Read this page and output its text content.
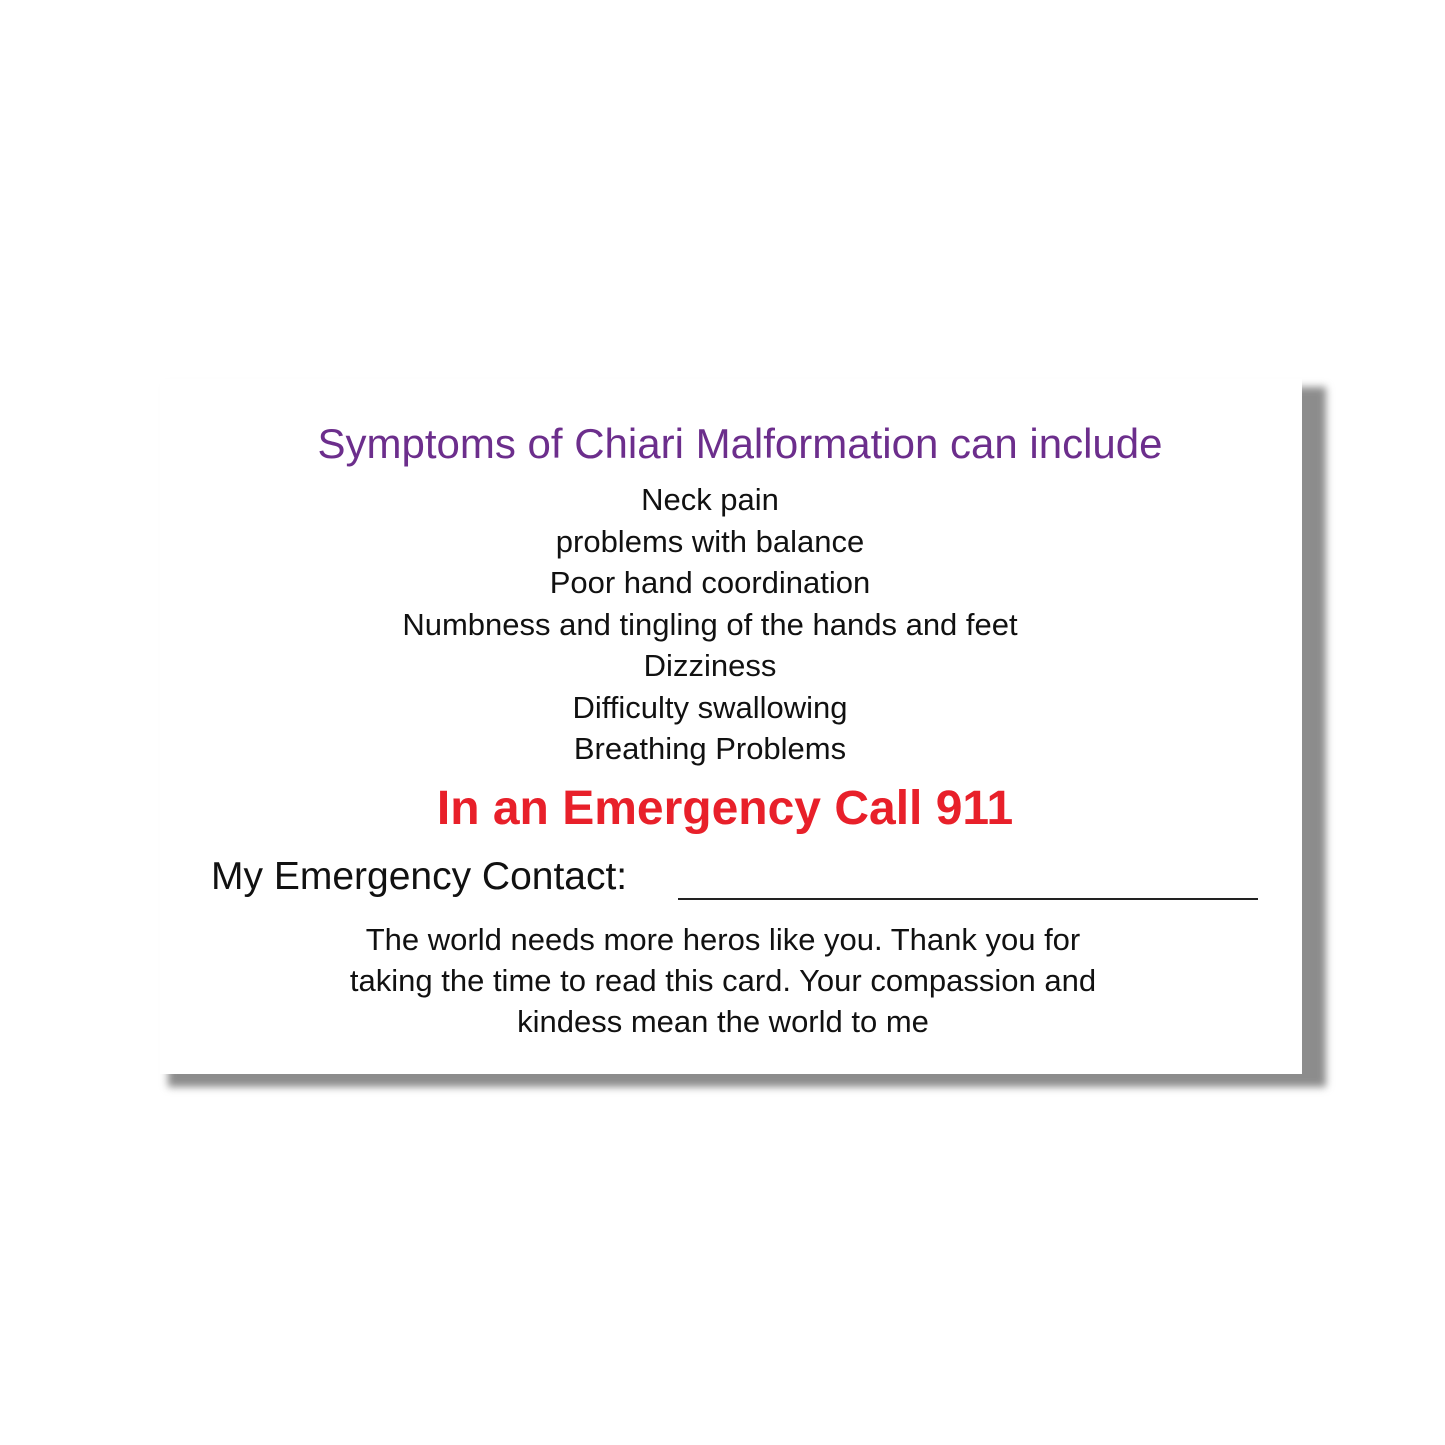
Symptoms of Chiari Malformation can include
Neck pain
problems with balance
Poor hand coordination
Numbness and tingling of the hands and feet
Dizziness
Difficulty swallowing
Breathing Problems
In an Emergency Call 911
My Emergency Contact:
The world needs more heros like you. Thank you for
taking the time to read this card. Your compassion and
kindess mean the world to me
